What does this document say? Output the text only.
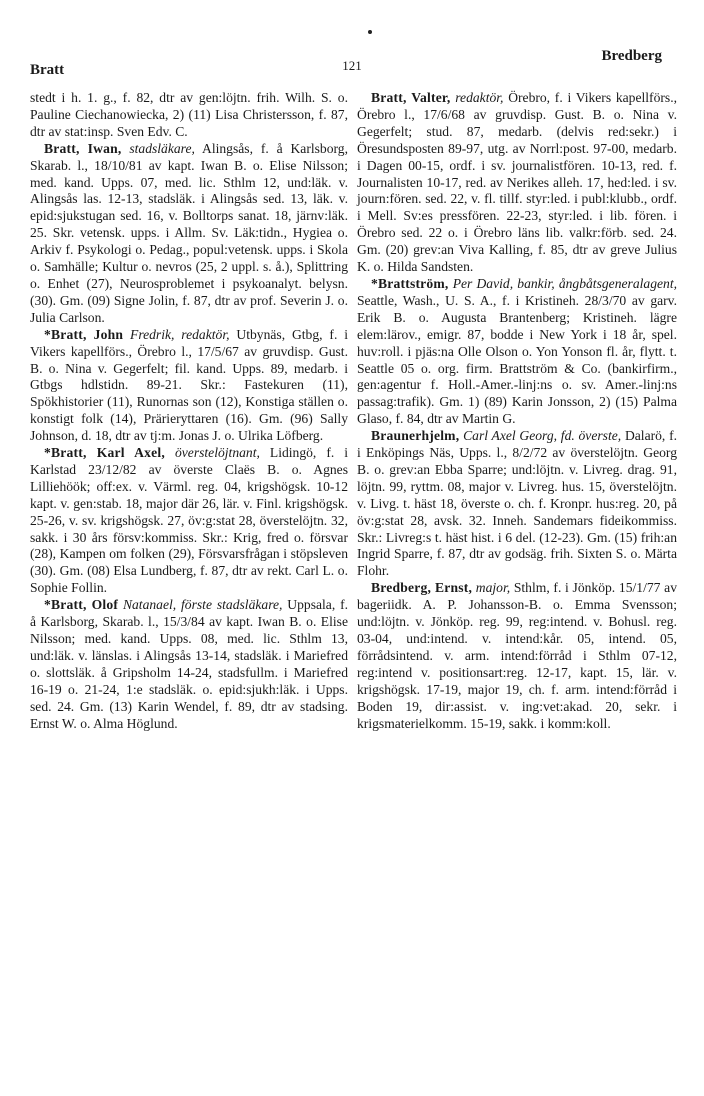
Bratt	121
Bredberg

stedt i h. 1. g., f. 82, dtr av gen:löjtn. frih. Wilh. S. o. Pauline Ciechanowiecka, 2) (11) Lisa Christersson, f. 87, dtr av stat:insp. Sven Edv. C.

Bratt, Iwan, stadsläkare, Alingsås, f. å Karlsborg, Skarab. l., 18/10/81 av kapt. Iwan B. o. Elise Nilsson; med. kand. Upps. 07, med. lic. Sthlm 12, und:läk. v. Alingsås las. 12-13, stadsläk. i Alingsås sed. 13, läk. v. epid:sjukstugan sed. 16, v. Bolltorps sanat. 18, järnv:läk. 25. Skr. vetensk. upps. i Allm. Sv. Läk:tidn., Hygiea o. Arkiv f. Psykologi o. Pedag., popul:vetensk. upps. i Skola o. Samhälle; Kultur o. nevros (25, 2 uppl. s. å.), Splittring o. Enhet (27), Neurosproblemet i psykoanalyt. belysn. (30). Gm. (09) Signe Jolin, f. 87, dtr av prof. Severin J. o. Julia Carlson.

*Bratt, John Fredrik, redaktör, Utbynäs, Gtbg, f. i Vikers kapellförs., Örebro l., 17/5/67 av gruvdisp. Gust. B. o. Nina v. Gegerfelt; fil. kand. Upps. 89, medarb. i Gtbgs hdlstidn. 89-21. Skr.: Fastekuren (11), Spökhistorier (11), Runornas son (12), Konstiga ställen o. konstigt folk (14), Prärieryttaren (16). Gm. (96) Sally Johnson, d. 18, dtr av tj:m. Jonas J. o. Ulrika Löfberg.

*Bratt, Karl Axel, överstelöjtnant, Lidingö, f. i Karlstad 23/12/82 av överste Claës B. o. Agnes Lilliehöök; off:ex. v. Värml. reg. 04, krigshögsk. 10-12 kapt. v. gen:stab. 18, major där 26, lär. v. Finl. krigshögsk. 25-26, v. sv. krigshögsk. 27, öv:g:stat 28, överstelöjtn. 32, sakk. i 30 års försv:kommiss. Skr.: Krig, fred o. försvar (28), Kampen om folken (29), Försvarsfrågan i stöpsleven (30). Gm. (08) Elsa Lundberg, f. 87, dtr av rekt. Carl L. o. Sophie Follin.

*Bratt, Olof Natanael, förste stadsläkare, Uppsala, f. å Karlsborg, Skarab. l., 15/3/84 av kapt. Iwan B. o. Elise Nilsson; med. kand. Upps. 08, med. lic. Sthlm 13, und:läk. v. länslas. i Alingsås 13-14, stadsläk. i Mariefred o. slottsläk. å Gripsholm 14-24, stadsfullm. i Mariefred 16-19 o. 21-24, 1:e stadsläk. o. epid:sjukh:läk. i Upps. sed. 24. Gm. (13) Karin Wendel, f. 89, dtr av stadsing. Ernst W. o. Alma Höglund.

Bratt, Valter, redaktör, Örebro, f. i Vikers kapellförs., Örebro l., 17/6/68 av gruvdisp. Gust. B. o. Nina v. Gegerfelt; stud. 87, medarb. (delvis red:sekr.) i Öresundsposten 89-97, utg. av Norrl:post. 97-00, medarb. i Dagen 00-15, ordf. i sv. journalistfören. 10-13, red. f. Journalisten 10-17, red. av Nerikes alleh. 17, hed:led. i sv. journ:fören. sed. 22, v. fl. tillf. styr:led. i publ:klubb., ordf. i Mell. Sv:es pressfören. 22-23, styr:led. i lib. fören. i Örebro sed. 22 o. i Örebro läns lib. valkr:förb. sed. 24. Gm. (20) grev:an Viva Kalling, f. 85, dtr av greve Julius K. o. Hilda Sandsten.

*Brattström, Per David, bankir, ångbåtsgeneralagent, Seattle, Wash., U. S. A., f. i Kristineh. 28/3/70 av garv. Erik B. o. Augusta Brantenberg; Kristineh. lägre elem:lärov., emigr. 87, bodde i New York i 18 år, spel. huv:roll. i pjäs:na Olle Olson o. Yon Yonson fl. år, flytt. t. Seattle 05 o. org. firm. Brattström & Co. (bankirfirm., gen:agentur f. Holl.-Amer.-linj:ns o. sv. Amer.-linj:ns passag:trafik). Gm. 1) (89) Karin Jonsson, 2) (15) Palma Glaso, f. 84, dtr av Martin G.

Braunerhjelm, Carl Axel Georg, fd. överste, Dalarö, f. i Enköpings Näs, Upps. l., 8/2/72 av överstelöjtn. Georg B. o. grev:an Ebba Sparre; und:löjtn. v. Livreg. drag. 91, löjtn. 99, ryttm. 08, major v. Livreg. hus. 15, överstelöjtn. v. Livg. t. häst 18, överste o. ch. f. Kronpr. hus:reg. 20, på öv:g:stat 28, avsk. 32. Inneh. Sandemars fideikommiss. Skr.: Livreg:s t. häst hist. i 6 del. (12-23). Gm. (15) frih:an Ingrid Sparre, f. 87, dtr av godsäg. frih. Sixten S. o. Märta Flohr.

Bredberg, Ernst, major, Sthlm, f. i Jönköp. 15/1/77 av bageriidk. A. P. Johansson-B. o. Emma Svensson; und:löjtn. v. Jönköp. reg. 99, reg:intend. v. Bohusl. reg. 03-04, und:intend. v. intend:kår. 05, intend. 05, förrådsintend. v. arm. intend:förråd i Sthlm 07-12, reg:intend v. positionsart:reg. 12-17, kapt. 15, lär. v. krigshögsk. 17-19, major 19, ch. f. arm. intend:förråd i Boden 19, dir:assist. v. ing:vet:akad. 20, sekr. i krigsmaterielkomm. 15-19, sakk. i komm:koll.
